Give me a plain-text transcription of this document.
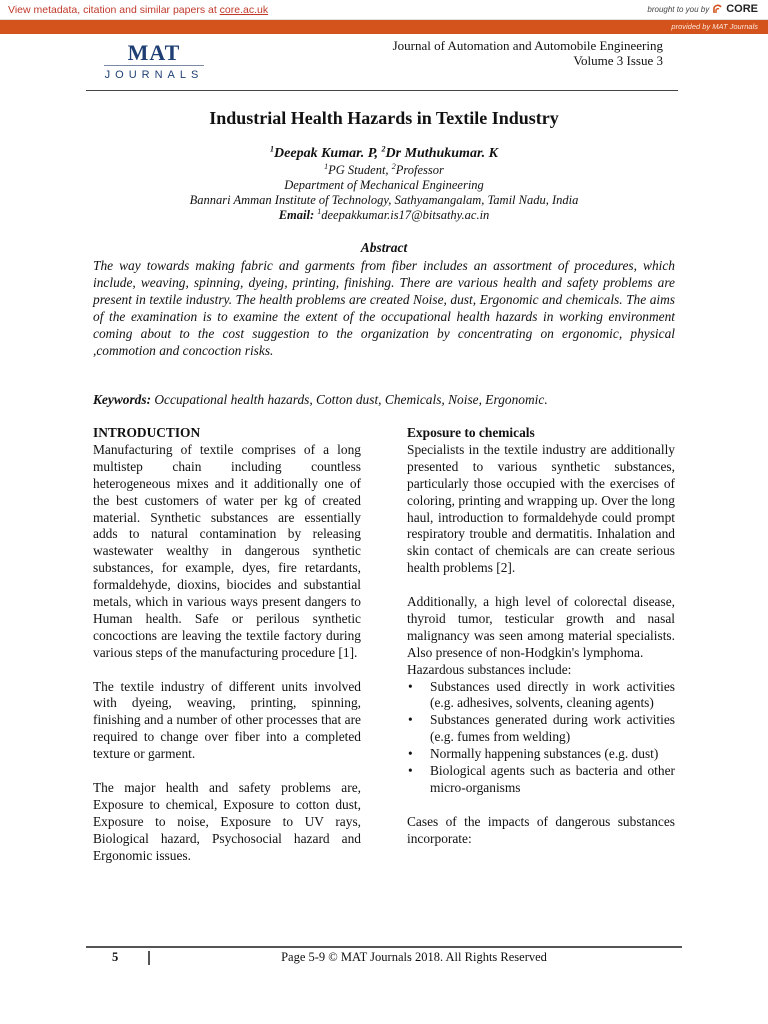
View metadata, citation and similar papers at core.ac.uk	brought to you by CORE
provided by MAT Journals
MAT
JOURNALS
Journal of Automation and Automobile Engineering
Volume 3 Issue 3
Industrial Health Hazards in Textile Industry
$^1$Deepak Kumar. P, $^2$Dr Muthukumar. K
$^1$PG Student, $^2$Professor
Department of Mechanical Engineering
Bannari Amman Institute of Technology, Sathyamangalam, Tamil Nadu, India
Email: $^1$deepakkumar.is17@bitsathy.ac.in
Abstract
The way towards making fabric and garments from fiber includes an assortment of procedures, which include, weaving, spinning, dyeing, printing, finishing. There are various health and safety problems are present in textile industry. The health problems are created Noise, dust, Ergonomic and chemicals. The aims of the examination is to examine the extent of the occupational health hazards in working environment coming about to the cost suggestion to the organization by concentrating on ergonomic, physical ,commotion and concoction risks.
Keywords: Occupational health hazards, Cotton dust, Chemicals, Noise, Ergonomic.
INTRODUCTION
Manufacturing of textile comprises of a long multistep chain including countless heterogeneous mixes and it additionally one of the best customers of water per kg of created material. Synthetic substances are essentially adds to natural contamination by releasing wastewater wealthy in dangerous synthetic substances, for example, dyes, fire retardants, formaldehyde, dioxins, biocides and substantial metals, which in various ways present dangers to Human health. Safe or perilous synthetic concoctions are leaving the textile factory during various steps of the manufacturing procedure [1].
The textile industry of different units involved with dyeing, weaving, printing, spinning, finishing and a number of other processes that are required to change over fiber into a completed texture or garment.
The major health and safety problems are, Exposure to chemical, Exposure to cotton dust, Exposure to noise, Exposure to UV rays, Biological hazard, Psychosocial hazard and Ergonomic issues.
Exposure to chemicals
Specialists in the textile industry are additionally presented to various synthetic substances, particularly those occupied with the exercises of coloring, printing and wrapping up. Over the long haul, introduction to formaldehyde could prompt respiratory trouble and dermatitis. Inhalation and skin contact of chemicals are can create serious health problems [2].
Additionally, a high level of colorectal disease, thyroid tumor, testicular growth and nasal malignancy was seen among material specialists. Also presence of non-Hodgkin's lymphoma.
Hazardous substances include:
• Substances used directly in work activities (e.g. adhesives, solvents, cleaning agents)
• Substances generated during work activities (e.g. fumes from welding)
• Normally happening substances (e.g. dust)
• Biological agents such as bacteria and other micro-organisms
Cases of the impacts of dangerous substances incorporate:
5	Page 5-9 © MAT Journals 2018. All Rights Reserved
